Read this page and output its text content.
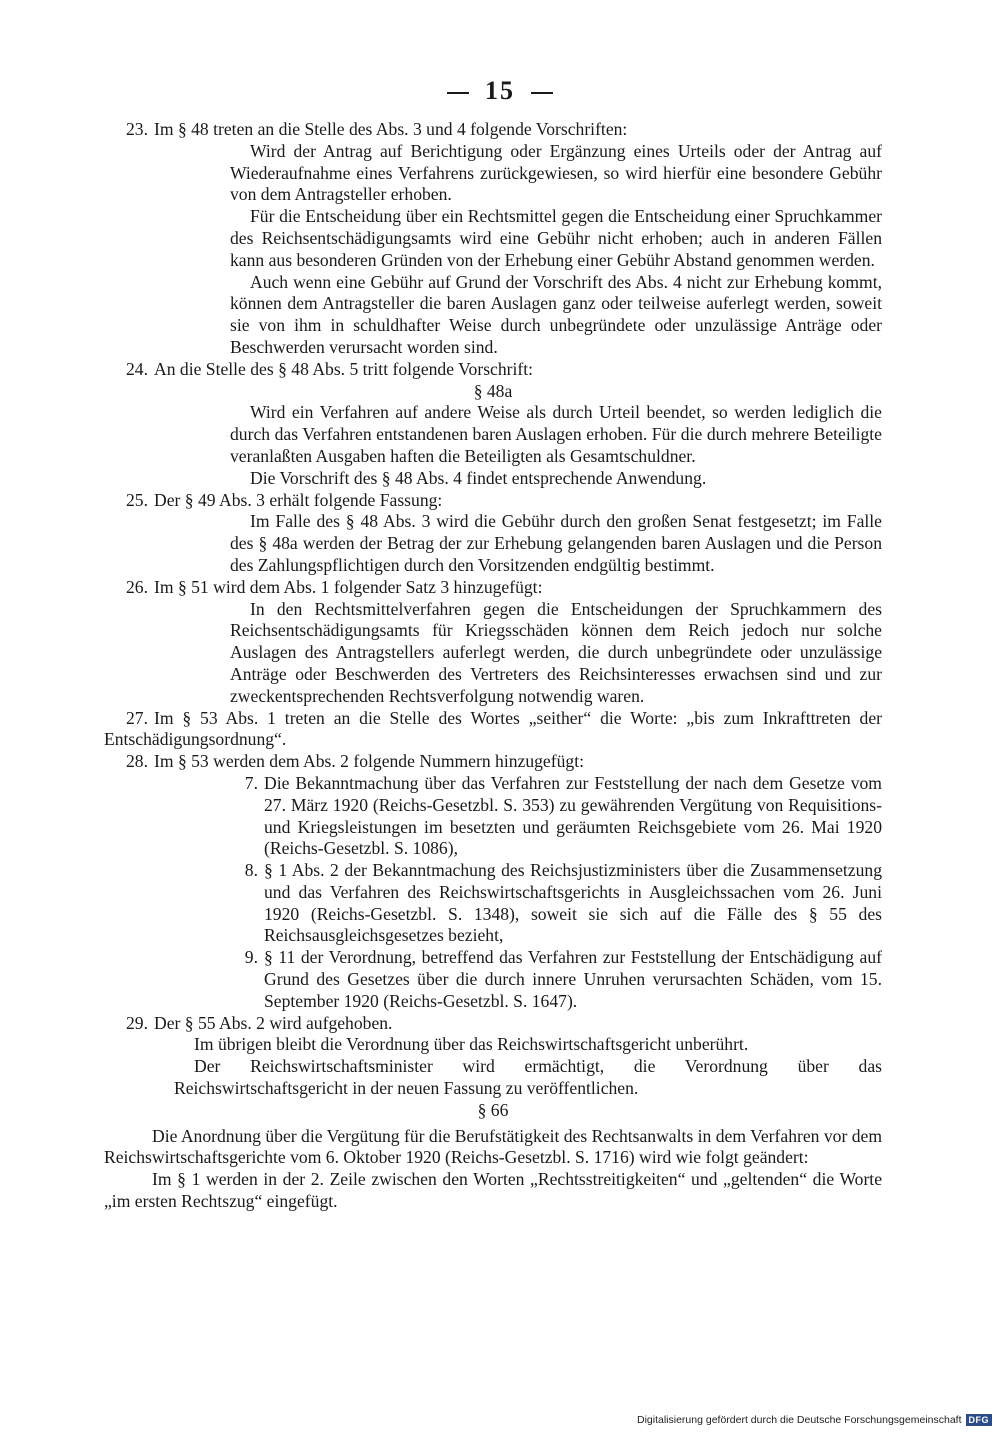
15

23. Im § 48 treten an die Stelle des Abs. 3 und 4 folgende Vorschriften:

Wird der Antrag auf Berichtigung oder Ergänzung eines Urteils oder der Antrag auf Wiederaufnahme eines Verfahrens zurückgewiesen, so wird hierfür eine besondere Gebühr von dem Antragsteller erhoben.

Für die Entscheidung über ein Rechtsmittel gegen die Entscheidung einer Spruchkammer des Reichsentschädigungsamts wird eine Gebühr nicht erhoben; auch in anderen Fällen kann aus besonderen Gründen von der Erhebung einer Gebühr Abstand genommen werden.

Auch wenn eine Gebühr auf Grund der Vorschrift des Abs. 4 nicht zur Erhebung kommt, können dem Antragsteller die baren Auslagen ganz oder teilweise auferlegt werden, soweit sie von ihm in schuldhafter Weise durch unbegründete oder unzulässige Anträge oder Beschwerden verursacht worden sind.

24. An die Stelle des § 48 Abs. 5 tritt folgende Vorschrift:

§ 48a

Wird ein Verfahren auf andere Weise als durch Urteil beendet, so werden lediglich die durch das Verfahren entstandenen baren Auslagen erhoben. Für die durch mehrere Beteiligte veranlaßten Ausgaben haften die Beteiligten als Gesamtschuldner.

Die Vorschrift des § 48 Abs. 4 findet entsprechende Anwendung.

25. Der § 49 Abs. 3 erhält folgende Fassung:

Im Falle des § 48 Abs. 3 wird die Gebühr durch den großen Senat festgesetzt; im Falle des § 48a werden der Betrag der zur Erhebung gelangenden baren Auslagen und die Person des Zahlungspflichtigen durch den Vorsitzenden endgültig bestimmt.

26. Im § 51 wird dem Abs. 1 folgender Satz 3 hinzugefügt:

In den Rechtsmittelverfahren gegen die Entscheidungen der Spruchkammern des Reichsentschädigungsamts für Kriegsschäden können dem Reich jedoch nur solche Auslagen des Antragstellers auferlegt werden, die durch unbegründete oder unzulässige Anträge oder Beschwerden des Vertreters des Reichsinteresses erwachsen sind und zur zweckentsprechenden Rechtsverfolgung notwendig waren.

27. Im § 53 Abs. 1 treten an die Stelle des Wortes „seither“ die Worte: „bis zum Inkrafttreten der Entschädigungsordnung“.

28. Im § 53 werden dem Abs. 2 folgende Nummern hinzugefügt:

7. Die Bekanntmachung über das Verfahren zur Feststellung der nach dem Gesetze vom 27. März 1920 (Reichs-Gesetzbl. S. 353) zu gewährenden Vergütung von Requisitions- und Kriegsleistungen im besetzten und geräumten Reichsgebiete vom 26. Mai 1920 (Reichs-Gesetzbl. S. 1086),

8. § 1 Abs. 2 der Bekanntmachung des Reichsjustizministers über die Zusammensetzung und das Verfahren des Reichswirtschaftsgerichts in Ausgleichssachen vom 26. Juni 1920 (Reichs-Gesetzbl. S. 1348), soweit sie sich auf die Fälle des § 55 des Reichsausgleichsgesetzes bezieht,

9. § 11 der Verordnung, betreffend das Verfahren zur Feststellung der Entschädigung auf Grund des Gesetzes über die durch innere Unruhen verursachten Schäden, vom 15. September 1920 (Reichs-Gesetzbl. S. 1647).

29. Der § 55 Abs. 2 wird aufgehoben.

Im übrigen bleibt die Verordnung über das Reichswirtschaftsgericht unberührt.

Der Reichswirtschaftsminister wird ermächtigt, die Verordnung über das Reichswirtschaftsgericht in der neuen Fassung zu veröffentlichen.

§ 66

Die Anordnung über die Vergütung für die Berufstätigkeit des Rechtsanwalts in dem Verfahren vor dem Reichswirtschaftsgerichte vom 6. Oktober 1920 (Reichs-Gesetzbl. S. 1716) wird wie folgt geändert:

Im § 1 werden in der 2. Zeile zwischen den Worten „Rechtsstreitigkeiten“ und „geltenden“ die Worte „im ersten Rechtszug“ eingefügt.

Digitalisierung gefördert durch die Deutsche Forschungsgemeinschaft DFG
